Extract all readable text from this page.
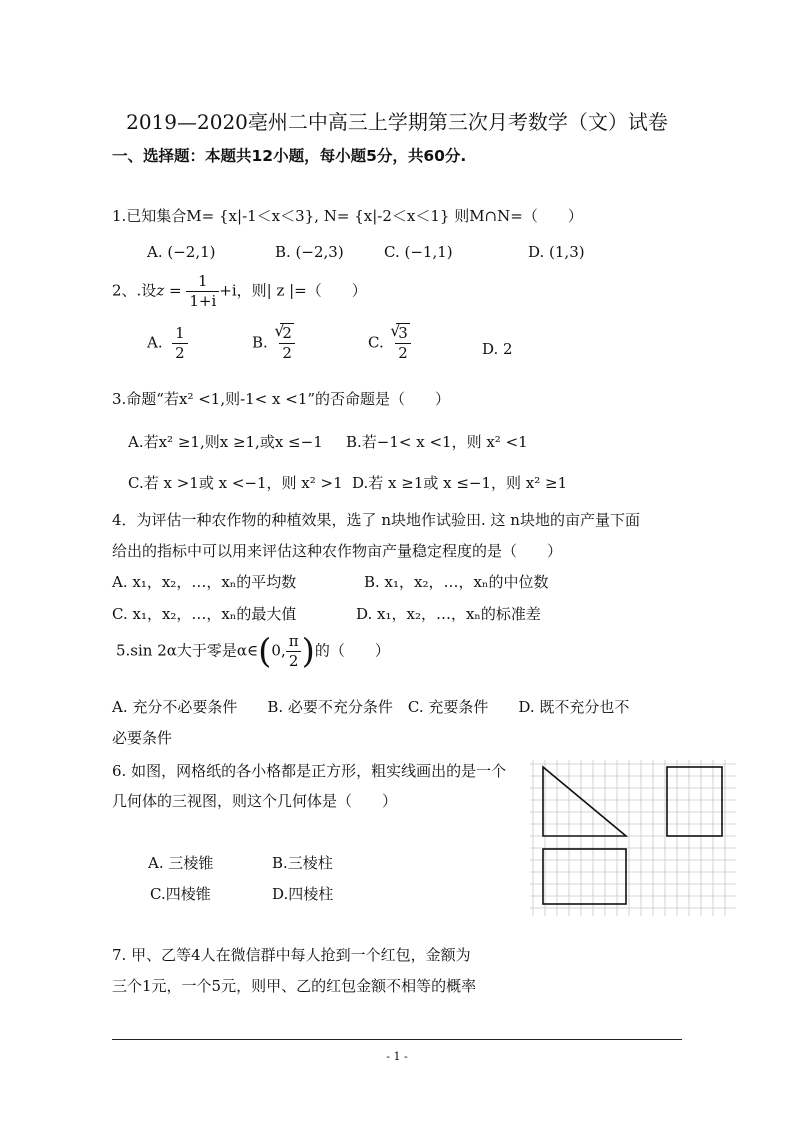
2019—2020亳州二中高三上学期第三次月考数学（文）试卷
一、选择题：本题共12小题，每小题5分，共60分.
1.已知集合M= {x|-1＜x＜3}, N= {x|-2＜x＜1} 则M∩N=（　　）
A. (−2,1)	B. (−2,3)	C. (−1,1)	D. (1,3)
2、.设$z = \frac{1}{1+i} +i$，则| z |=（　　）
A. $\frac{1}{2}$	B. √ $\frac{2}{2}$	C. √ $\frac{3}{2}$	D. 2
3.命题“若x² <1,则-1< x <1”的否命题是（　　）
A.若x² ≥1,则x ≥1,或x ≤−1 B.若−1< x <1，则 x² <1
C.若 x >1或 x <−1，则 x² >1 D.若 x ≥1或 x ≤−1，则 x² ≥1
4．为评估一种农作物的种植效果，选了 n块地作试验田. 这 n块地的亩产量下面
给出的指标中可以用来评估这种农作物亩产量稳定程度的是（　　）
A. x₁，x₂，…，xₙ的平均数	B. x₁，x₂，…，xₙ的中位数
C. x₁，x₂，…，xₙ的最大值	D. x₁，x₂，…，xₙ的标准差
5.sin 2α大于零是α∈(0, $\frac{\pi}{2}$ )的（　　）
A. 充分不必要条件　　B. 必要不充分条件　C. 充要条件　　D. 既不充分也不
必要条件
6. 如图，网格纸的各小格都是正方形，粗实线画出的是一个
几何体的三视图，则这个几何体是（　　）
A. 三棱锥	B.三棱柱
C.四棱锥	D.四棱柱
7. 甲、乙等4人在微信群中每人抢到一个红包，金额为
三个1元，一个5元，则甲、乙的红包金额不相等的概率
- 1 -
